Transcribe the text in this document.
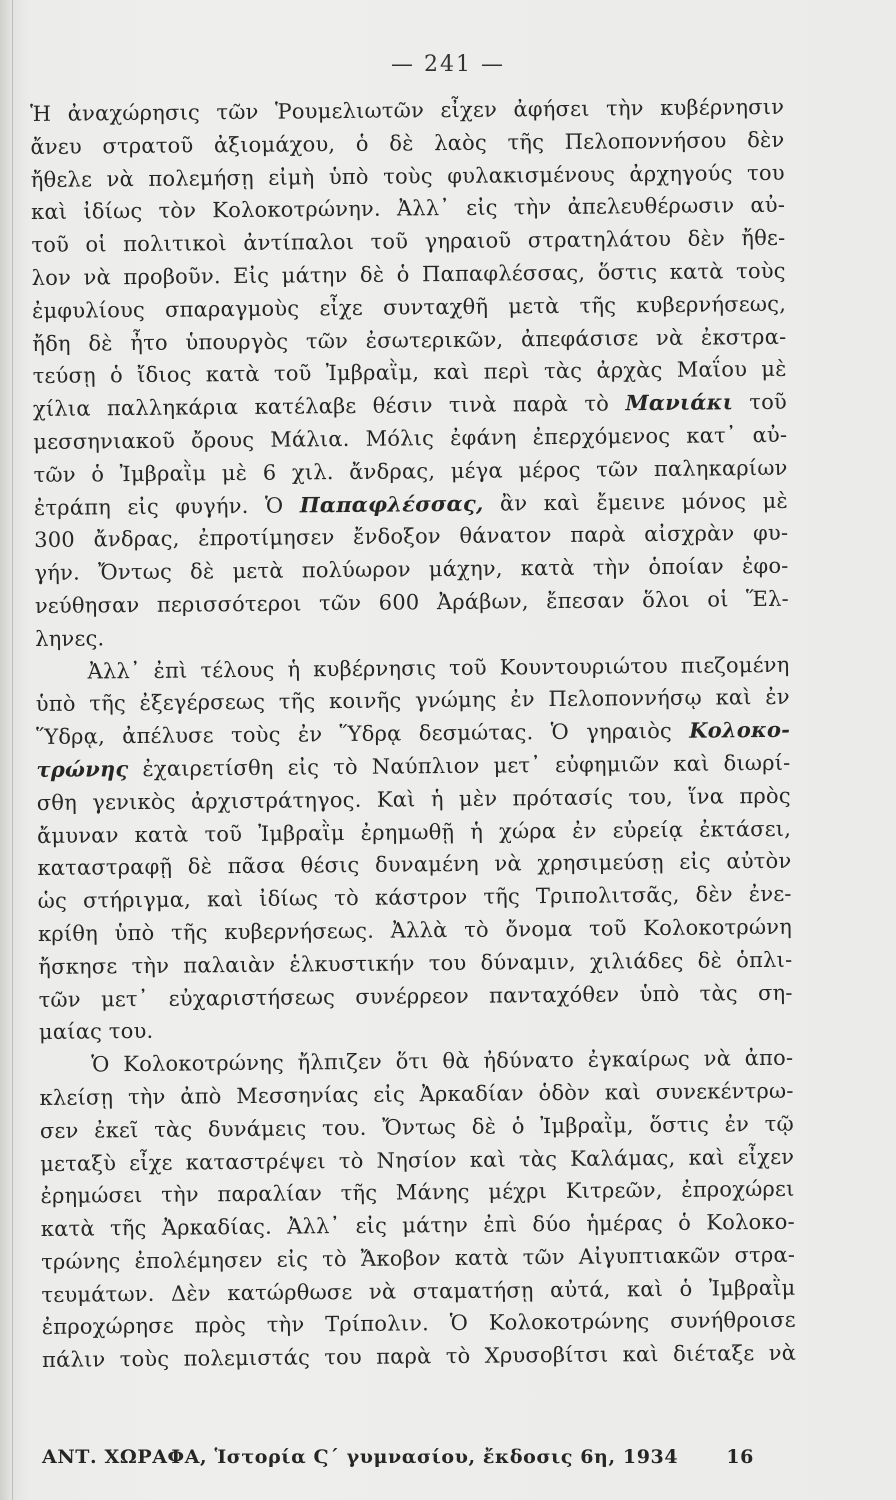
— 241 —
Ἡ ἀναχώρησις τῶν Ῥουμελιωτῶν εἶχεν ἀφήσει τὴν κυβέρνησιν
ἄνευ στρατοῦ ἀξιομάχου, ὁ δὲ λαὸς τῆς Πελοποννήσου δὲν
ἤθελε νὰ πολεμήσῃ εἰμὴ ὑπὸ τοὺς φυλακισμένους ἀρχηγούς του
καὶ ἰδίως τὸν Κολοκοτρώνην. Ἀλλ᾽ εἰς τὴν ἀπελευθέρωσιν αὐ-
τοῦ οἱ πολιτικοὶ ἀντίπαλοι τοῦ γηραιοῦ στρατηλάτου δὲν ἤθε-
λον νὰ προβοῦν. Εἰς μάτην δὲ ὁ Παπαφλέσσας, ὅστις κατὰ τοὺς
ἐμφυλίους σπαραγμοὺς εἶχε συνταχθῆ μετὰ τῆς κυβερνήσεως,
ἤδη δὲ ἦτο ὑπουργὸς τῶν ἐσωτερικῶν, ἀπεφάσισε νὰ ἐκστρα-
τεύσῃ ὁ ἴδιος κατὰ τοῦ Ἰμβραῒμ, καὶ περὶ τὰς ἀρχὰς Μαΐου μὲ
χίλια παλληκάρια κατέλαβε θέσιν τινὰ παρὰ τὸ Μανιάκι τοῦ
μεσσηνιακοῦ ὄρους Μάλια. Μόλις ἐφάνη ἐπερχόμενος κατ᾽ αὐ-
τῶν ὁ Ἰμβραῒμ μὲ 6 χιλ. ἄνδρας, μέγα μέρος τῶν παληκαρίων
ἐτράπη εἰς φυγήν. Ὁ Παπαφλέσσας, ἂν καὶ ἔμεινε μόνος μὲ
300 ἄνδρας, ἐπροτίμησεν ἔνδοξον θάνατον παρὰ αἰσχρὰν φυ-
γήν. Ὄντως δὲ μετὰ πολύωρον μάχην, κατὰ τὴν ὁποίαν ἐφο-
νεύθησαν περισσότεροι τῶν 600 Ἀράβων, ἔπεσαν ὅλοι οἱ Ἕλ-
ληνες.
Ἀλλ᾽ ἐπὶ τέλους ἡ κυβέρνησις τοῦ Κουντουριώτου πιεζομένη
ὑπὸ τῆς ἐξεγέρσεως τῆς κοινῆς γνώμης ἐν Πελοποννήσῳ καὶ ἐν
Ὕδρᾳ, ἀπέλυσε τοὺς ἐν Ὕδρᾳ δεσμώτας. Ὁ γηραιὸς Κολοκο-
τρώνης ἐχαιρετίσθη εἰς τὸ Ναύπλιον μετ᾽ εὐφημιῶν καὶ διωρί-
σθη γενικὸς ἀρχιστράτηγος. Καὶ ἡ μὲν πρότασίς του, ἵνα πρὸς
ἄμυναν κατὰ τοῦ Ἰμβραῒμ ἐρημωθῇ ἡ χώρα ἐν εὐρείᾳ ἐκτάσει,
καταστραφῇ δὲ πᾶσα θέσις δυναμένη νὰ χρησιμεύσῃ εἰς αὐτὸν
ὡς στήριγμα, καὶ ἰδίως τὸ κάστρον τῆς Τριπολιτσᾶς, δὲν ἐνε-
κρίθη ὑπὸ τῆς κυβερνήσεως. Ἀλλὰ τὸ ὄνομα τοῦ Κολοκοτρώνη
ἤσκησε τὴν παλαιὰν ἑλκυστικήν του δύναμιν, χιλιάδες δὲ ὁπλι-
τῶν μετ᾽ εὐχαριστήσεως συνέρρεον πανταχόθεν ὑπὸ τὰς ση-
μαίας του.
Ὁ Κολοκοτρώνης ἤλπιζεν ὅτι θὰ ἠδύνατο ἐγκαίρως νὰ ἀπο-
κλείσῃ τὴν ἀπὸ Μεσσηνίας εἰς Ἀρκαδίαν ὁδὸν καὶ συνεκέντρω-
σεν ἐκεῖ τὰς δυνάμεις του. Ὄντως δὲ ὁ Ἰμβραῒμ, ὅστις ἐν τῷ
μεταξὺ εἶχε καταστρέψει τὸ Νησίον καὶ τὰς Καλάμας, καὶ εἶχεν
ἐρημώσει τὴν παραλίαν τῆς Μάνης μέχρι Κιτρεῶν, ἐπροχώρει
κατὰ τῆς Ἀρκαδίας. Ἀλλ᾽ εἰς μάτην ἐπὶ δύο ἡμέρας ὁ Κολοκο-
τρώνης ἐπολέμησεν εἰς τὸ Ἄκοβον κατὰ τῶν Αἰγυπτιακῶν στρα-
τευμάτων. Δὲν κατώρθωσε νὰ σταματήσῃ αὐτά, καὶ ὁ Ἰμβραῒμ
ἐπροχώρησε πρὸς τὴν Τρίπολιν. Ὁ Κολοκοτρώνης συνήθροισε
πάλιν τοὺς πολεμιστάς του παρὰ τὸ Χρυσοβίτσι καὶ διέταξε νὰ
ΑΝΤ. ΧΩΡΑΦΑ, Ἱστορία Ϛ΄ γυμνασίου, ἔκδοσις 6η, 1934	16
